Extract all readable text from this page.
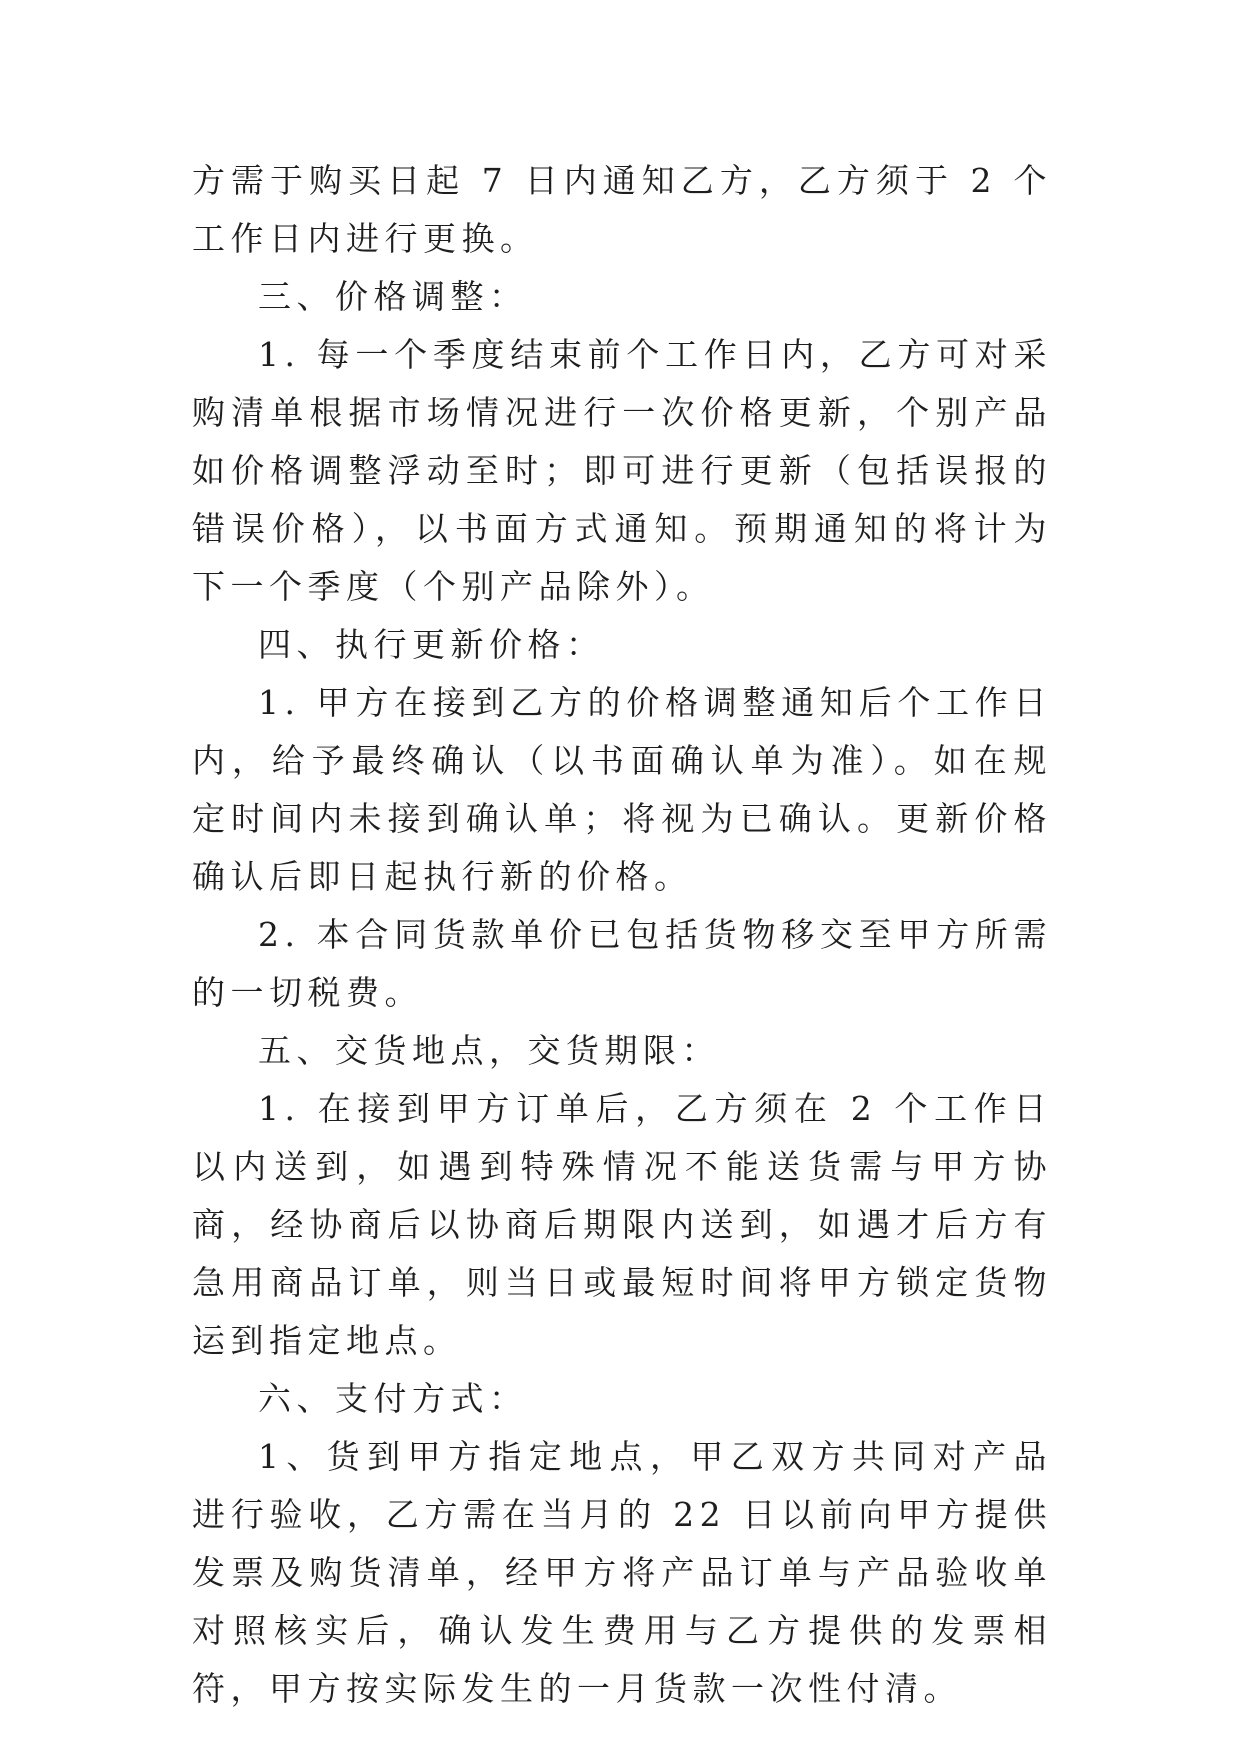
方需于购买日起 7 日内通知乙方，乙方须于 2 个工作日内进行更换。

三、价格调整：

1. 每一个季度结束前个工作日内，乙方可对采购清单根据市场情况进行一次价格更新，个别产品如价格调整浮动至时；即可进行更新（包括误报的错误价格），以书面方式通知。预期通知的将计为下一个季度（个别产品除外）。

四、执行更新价格：

1. 甲方在接到乙方的价格调整通知后个工作日内，给予最终确认（以书面确认单为准）。如在规定时间内未接到确认单；将视为已确认。更新价格确认后即日起执行新的价格。

2. 本合同货款单价已包括货物移交至甲方所需的一切税费。

五、交货地点，交货期限：

1. 在接到甲方订单后，乙方须在 2 个工作日以内送到，如遇到特殊情况不能送货需与甲方协商，经协商后以协商后期限内送到，如遇才后方有急用商品订单，则当日或最短时间将甲方锁定货物运到指定地点。

六、支付方式：

1、货到甲方指定地点，甲乙双方共同对产品进行验收，乙方需在当月的 22 日以前向甲方提供发票及购货清单，经甲方将产品订单与产品验收单对照核实后，确认发生费用与乙方提供的发票相符，甲方按实际发生的一月货款一次性付清。
